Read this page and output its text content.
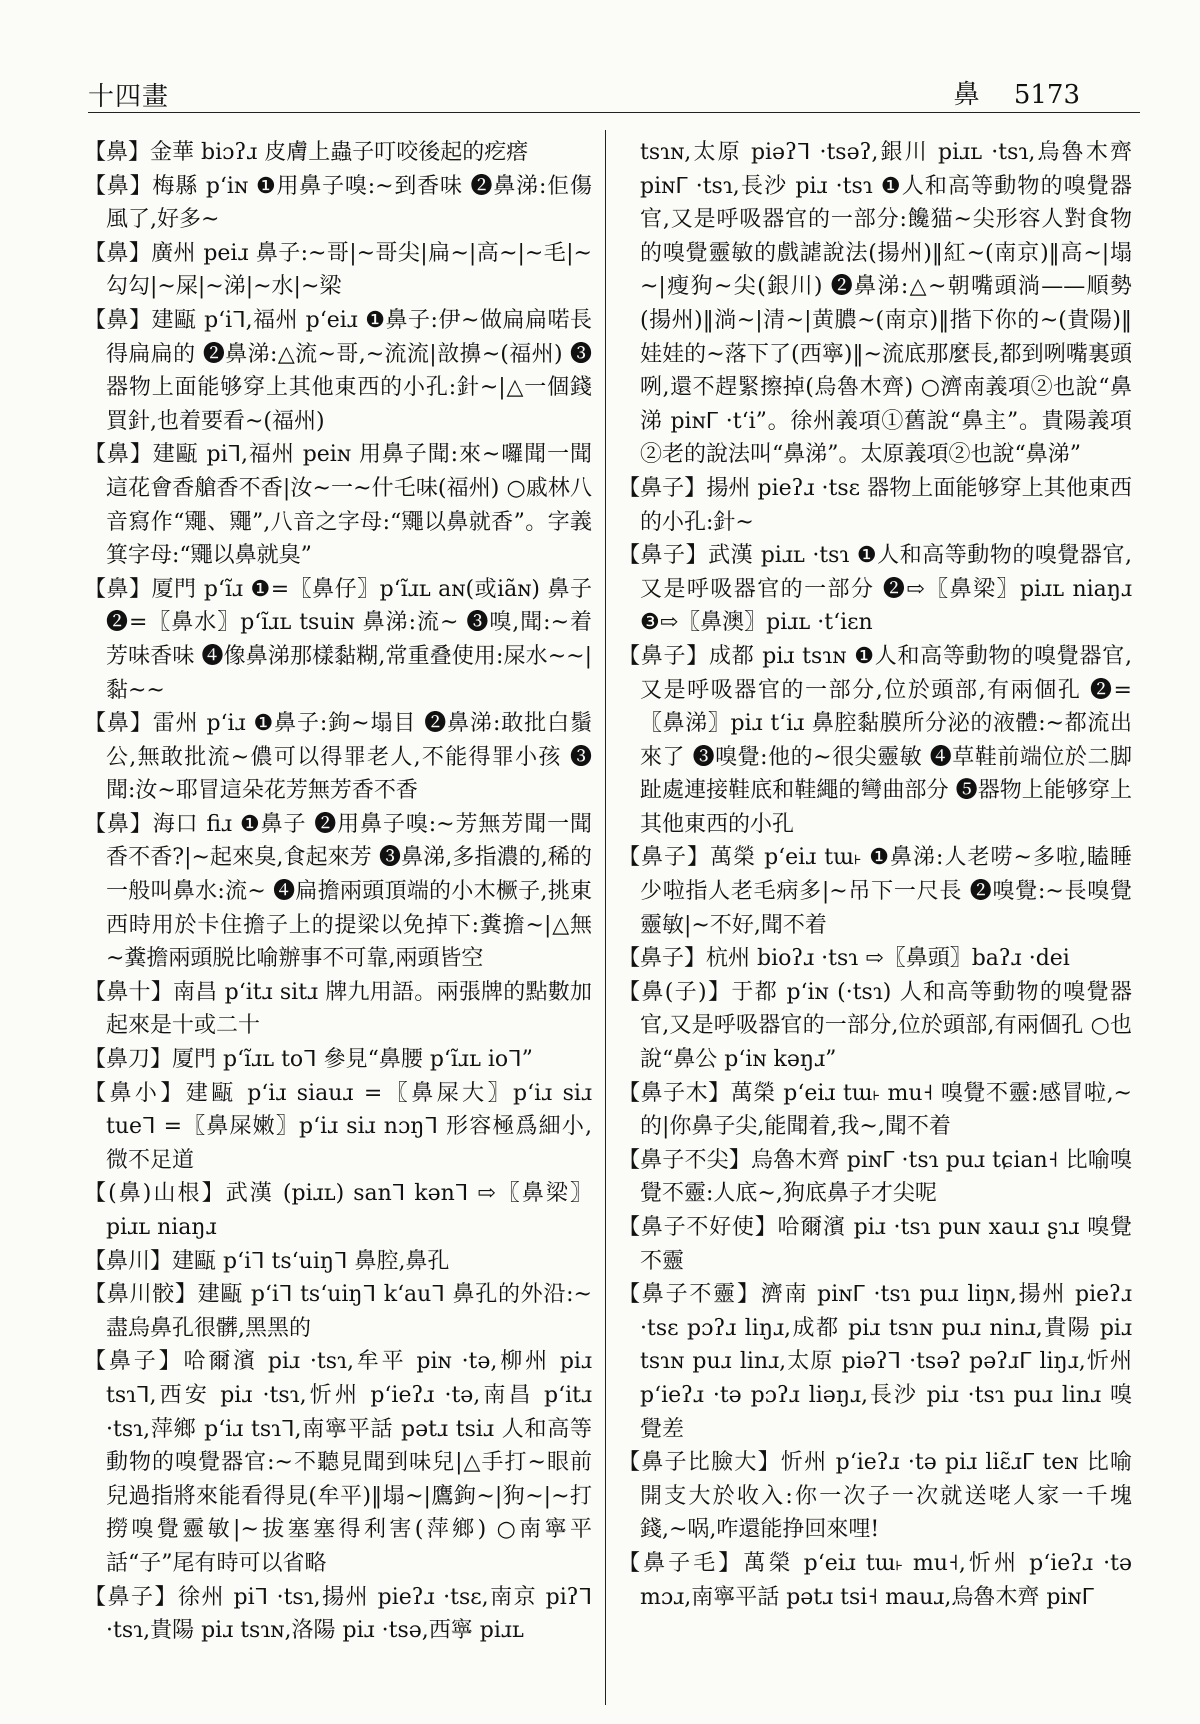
十四畫	鼻 5173

【鼻】金華 biɔʔɹ 皮膚上蟲子叮咬後起的疙瘩

【鼻】梅縣 pʻiɴ ❶用鼻子嗅:~到香味 ❷鼻涕:佢傷風了,好多~

【鼻】廣州 peiɹ 鼻子:~哥|~哥尖|扁~|高~|~毛|~勾勾|~屎|~涕|~水|~梁

【鼻】建甌 pʻiᒣ,福州 pʻeiɹ ❶鼻子:伊~做扁扁喏長得扁扁的 ❷鼻涕:△流~哥,~流流|敨擤~(福州) ❸器物上面能够穿上其他東西的小孔:針~|△一個錢買針,也着要看~(福州)

【鼻】建甌 piᒣ,福州 peiɴ 用鼻子聞:來~囉聞一聞這花會香艙香不香|汝~一~什乇味(福州) ○戚林八音寫作“鼆、鼆”,八音之字母:“鼆以鼻就香”。字義箕字母:“鼆以鼻就臭”

【鼻】厦門 pʻĩɹ ❶=〖鼻仔〗pʻĩɹʟ aɴ(或iãɴ) 鼻子 ❷=〖鼻水〗pʻĩɹʟ tsuiɴ 鼻涕:流~ ❸嗅,聞:~着芳味香味 ❹像鼻涕那樣黏糊,常重叠使用:屎水~~|黏~~

【鼻】雷州 pʻiɹ ❶鼻子:鉤~塌目 ❷鼻涕:敢批白鬚公,無敢批流~儂可以得罪老人,不能得罪小孩 ❸聞:汝~耶冒這朵花芳無芳香不香

【鼻】海口 fiɹ ❶鼻子 ❷用鼻子嗅:~芳無芳聞一聞香不香?|~起來臭,食起來芳 ❸鼻涕,多指濃的,稀的一般叫鼻水:流~ ❹扁擔兩頭頂端的小木橛子,挑東西時用於卡住擔子上的提梁以免掉下:糞擔~|△無~糞擔兩頭脱比喻辦事不可靠,兩頭皆空

【鼻十】南昌 pʻitɹ sitɹ 牌九用語。兩張牌的點數加起來是十或二十

【鼻刀】厦門 pʻĩɹʟ toᒣ 參見“鼻腰 pʻĩɹʟ ioᒣ”

【鼻小】建甌 pʻiɹ siauɹ =〖鼻屎大〗pʻiɹ siɹ tueᒣ =〖鼻屎嫩〗pʻiɹ siɹ nɔŋᒣ 形容極爲細小,微不足道

【(鼻)山根】武漢 (piɹʟ) sanᒣ kənᒣ ⇨〖鼻梁〗piɹʟ niaŋɹ

【鼻川】建甌 pʻiᒣ tsʻuiŋᒣ 鼻腔,鼻孔

【鼻川骹】建甌 pʻiᒣ tsʻuiŋᒣ kʻauᒣ 鼻孔的外沿:~盡烏鼻孔很髒,黑黑的

【鼻子】哈爾濱 piɹ ·tsɿ,牟平 piɴ ·tə,柳州 piɹ tsɿᒣ,西安 piɹ ·tsɿ,忻州 pʻieʔɹ ·tə,南昌 pʻitɹ ·tsɿ,萍鄉 pʻiɹ tsɿᒣ,南寧平話 pətɹ tsiɹ 人和高等動物的嗅覺器官:~不聽見聞到味兒|△手打~眼前兒過指將來能看得見(牟平)‖塌~|鷹鉤~|狗~|~打撈嗅覺靈敏|~拔塞塞得利害(萍鄉) ○南寧平話“子”尾有時可以省略

【鼻子】徐州 piᒣ ·tsɿ,揚州 pieʔɹ ·tsɛ,南京 piʔᒣ ·tsɿ,貴陽 piɹ tsɿɴ,洛陽 piɹ ·tsə,西寧 piɹʟ

tsɿɴ,太原 piəʔᒣ ·tsəʔ,銀川 piɹʟ ·tsɿ,烏魯木齊 piɴᒥ ·tsɿ,長沙 piɹ ·tsɿ ❶人和高等動物的嗅覺器官,又是呼吸器官的一部分:饞猫~尖形容人對食物的嗅覺靈敏的戲謔說法(揚州)‖紅~(南京)‖高~|塌~|瘦狗~尖(銀川) ❷鼻涕:△~朝嘴頭淌——順勢(揚州)‖淌~|清~|黄膿~(南京)‖揩下你的~(貴陽)‖娃娃的~落下了(西寧)‖~流底那麼長,都到咧嘴裏頭咧,還不趕緊擦掉(烏魯木齊) ○濟南義項②也說“鼻涕 piɴᒥ ·tʻi”。徐州義項①舊說“鼻主”。貴陽義項②老的說法叫“鼻涕”。太原義項②也說“鼻涕”

【鼻子】揚州 pieʔɹ ·tsɛ 器物上面能够穿上其他東西的小孔:針~

【鼻子】武漢 piɹʟ ·tsɿ ❶人和高等動物的嗅覺器官,又是呼吸器官的一部分 ❷⇨〖鼻梁〗piɹʟ niaŋɹ ❸⇨〖鼻澳〗piɹʟ ·tʻiɛn

【鼻子】成都 piɹ tsɿɴ ❶人和高等動物的嗅覺器官,又是呼吸器官的一部分,位於頭部,有兩個孔 ❷=〖鼻涕〗piɹ tʻiɹ 鼻腔黏膜所分泌的液體:~都流出來了 ❸嗅覺:他的~很尖靈敏 ❹草鞋前端位於二脚趾處連接鞋底和鞋繩的彎曲部分 ❺器物上能够穿上其他東西的小孔

【鼻子】萬榮 pʻeiɹ tɯ˫ ❶鼻涕:人老唠~多啦,瞌睡少啦指人老毛病多|~吊下一尺長 ❷嗅覺:~長嗅覺靈敏|~不好,聞不着

【鼻子】杭州 bioʔɹ ·tsɿ ⇨〖鼻頭〗baʔɹ ·dei

【鼻(子)】于都 pʻiɴ (·tsɿ) 人和高等動物的嗅覺器官,又是呼吸器官的一部分,位於頭部,有兩個孔 ○也說“鼻公 pʻiɴ kəŋɹ”

【鼻子木】萬榮 pʻeiɹ tɯ˫ mu˧ 嗅覺不靈:感冒啦,~的|你鼻子尖,能聞着,我~,聞不着

【鼻子不尖】烏魯木齊 piɴᒥ ·tsɿ puɹ tɕian˧ 比喻嗅覺不靈:人底~,狗底鼻子才尖呢

【鼻子不好使】哈爾濱 piɹ ·tsɿ puɴ xauɹ ʂɿɹ 嗅覺不靈

【鼻子不靈】濟南 piɴᒥ ·tsɿ puɹ liŋɴ,揚州 pieʔɹ ·tsɛ pɔʔɹ liŋɹ,成都 piɹ tsɿɴ puɹ ninɹ,貴陽 piɹ tsɿɴ puɹ linɹ,太原 piəʔᒣ ·tsəʔ pəʔɹᒥ liŋɹ,忻州 pʻieʔɹ ·tə pɔʔɹ liəŋɹ,長沙 piɹ ·tsɿ puɹ linɹ 嗅覺差

【鼻子比臉大】忻州 pʻieʔɹ ·tə piɹ liɛ̃ɹᒥ teɴ 比喻開支大於收入:你一次子一次就送咾人家一千塊錢,~㖞,咋還能挣回來哩!

【鼻子毛】萬榮 pʻeiɹ tɯ˫ mu˧,忻州 pʻieʔɹ ·tə mɔɹ,南寧平話 pətɹ tsi˧ mauɹ,烏魯木齊 piɴᒥ
